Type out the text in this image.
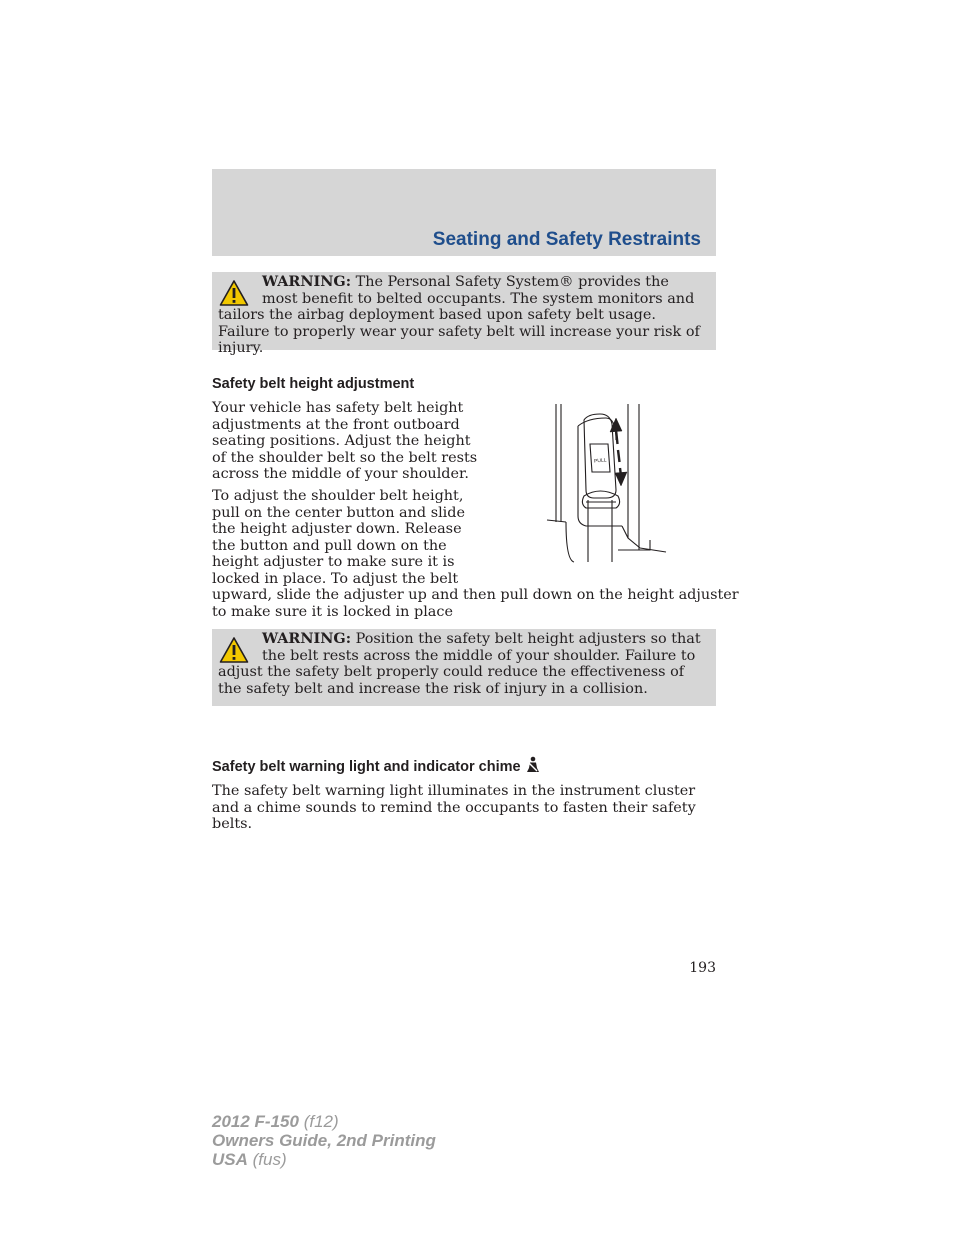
Seating and Safety Restraints
WARNING: The Personal Safety System® provides the most benefit to belted occupants. The system monitors and tailors the airbag deployment based upon safety belt usage. Failure to properly wear your safety belt will increase your risk of injury.
Safety belt height adjustment
Your vehicle has safety belt height
adjustments at the front outboard
seating positions. Adjust the height
of the shoulder belt so the belt rests
across the middle of your shoulder.
To adjust the shoulder belt height,
pull on the center button and slide
the height adjuster down. Release
the button and pull down on the
height adjuster to make sure it is
locked in place. To adjust the belt
upward, slide the adjuster up and then pull down on the height adjuster
to make sure it is locked in place
PULL
WARNING: Position the safety belt height adjusters so that the belt rests across the middle of your shoulder. Failure to adjust the safety belt properly could reduce the effectiveness of the safety belt and increase the risk of injury in a collision.
Safety belt warning light and indicator chime

The safety belt warning light illuminates in the instrument cluster and a chime sounds to remind the occupants to fasten their safety belts.

193
2012 F-150 (f12)
Owners Guide, 2nd Printing
USA (fus)
